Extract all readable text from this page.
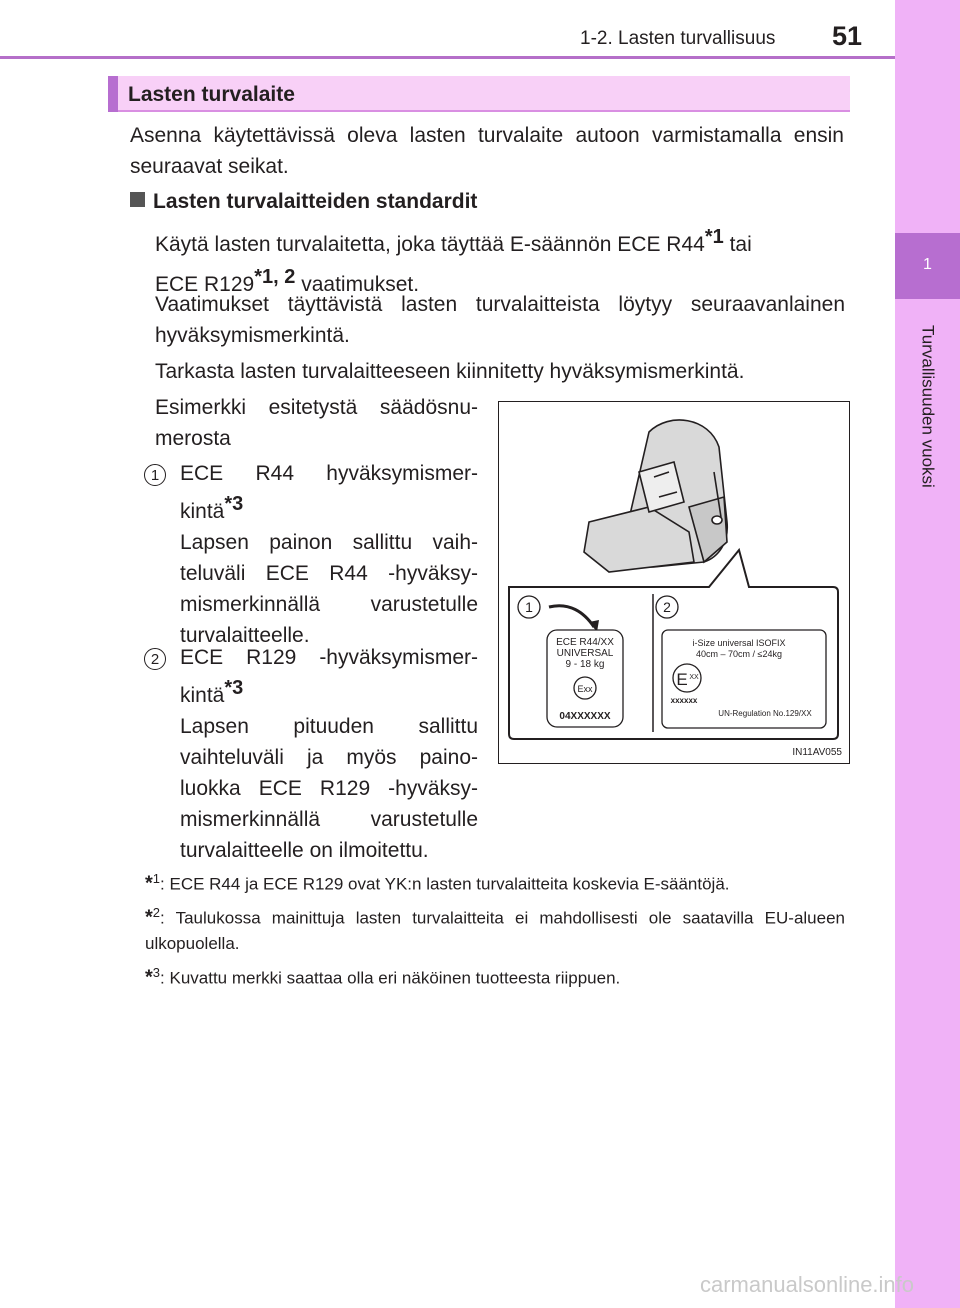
1-2. Lasten turvallisuus 51
1
Turvallisuuden vuoksi
Lasten turvalaite
Asenna käytettävissä oleva lasten turvalaite autoon varmistamalla ensin seuraavat seikat.
Lasten turvalaitteiden standardit
Käytä lasten turvalaitetta, joka täyttää E-säännön ECE R44$^{*1}$ tai
ECE R129$^{*1, 2}$ vaatimukset.
Vaatimukset täyttävistä lasten turvalaitteista löytyy seuraavanlainen hyväksymismerkintä.
Tarkasta lasten turvalaitteeseen kiinnitetty hyväksymismerkintä.
Esimerkki esitetystä säädösnu-merosta
1 ECE R44 hyväksymismer-kintä$^{*3}$
Lapsen painon sallittu vaih-teluväli ECE R44 -hyväksy-mismerkinnällä varustetulle turvalaitteelle.
2 ECE R129 -hyväksymismer-kintä$^{*3}$
Lapsen pituuden sallittu vaihteluväli ja myös paino-luokka ECE R129 -hyväksy-mismerkinnällä varustetulle turvalaitteelle on ilmoitettu.
1	2
ECE R44/XX
UNIVERSAL
9 - 18 kg
Exx
04XXXXXX
i-Size universal ISOFIX
40cm – 70cm / ≤24kg
E XX
xxxxxx
UN-Regulation No.129/XX
IN11AV055
*$^1$: ECE R44 ja ECE R129 ovat YK:n lasten turvalaitteita koskevia E-sääntöjä.
*$^2$: Taulukossa mainittuja lasten turvalaitteita ei mahdollisesti ole saatavilla EU-alueen ulkopuolella.
*$^3$: Kuvattu merkki saattaa olla eri näköinen tuotteesta riippuen.
carmanualsonline.info
